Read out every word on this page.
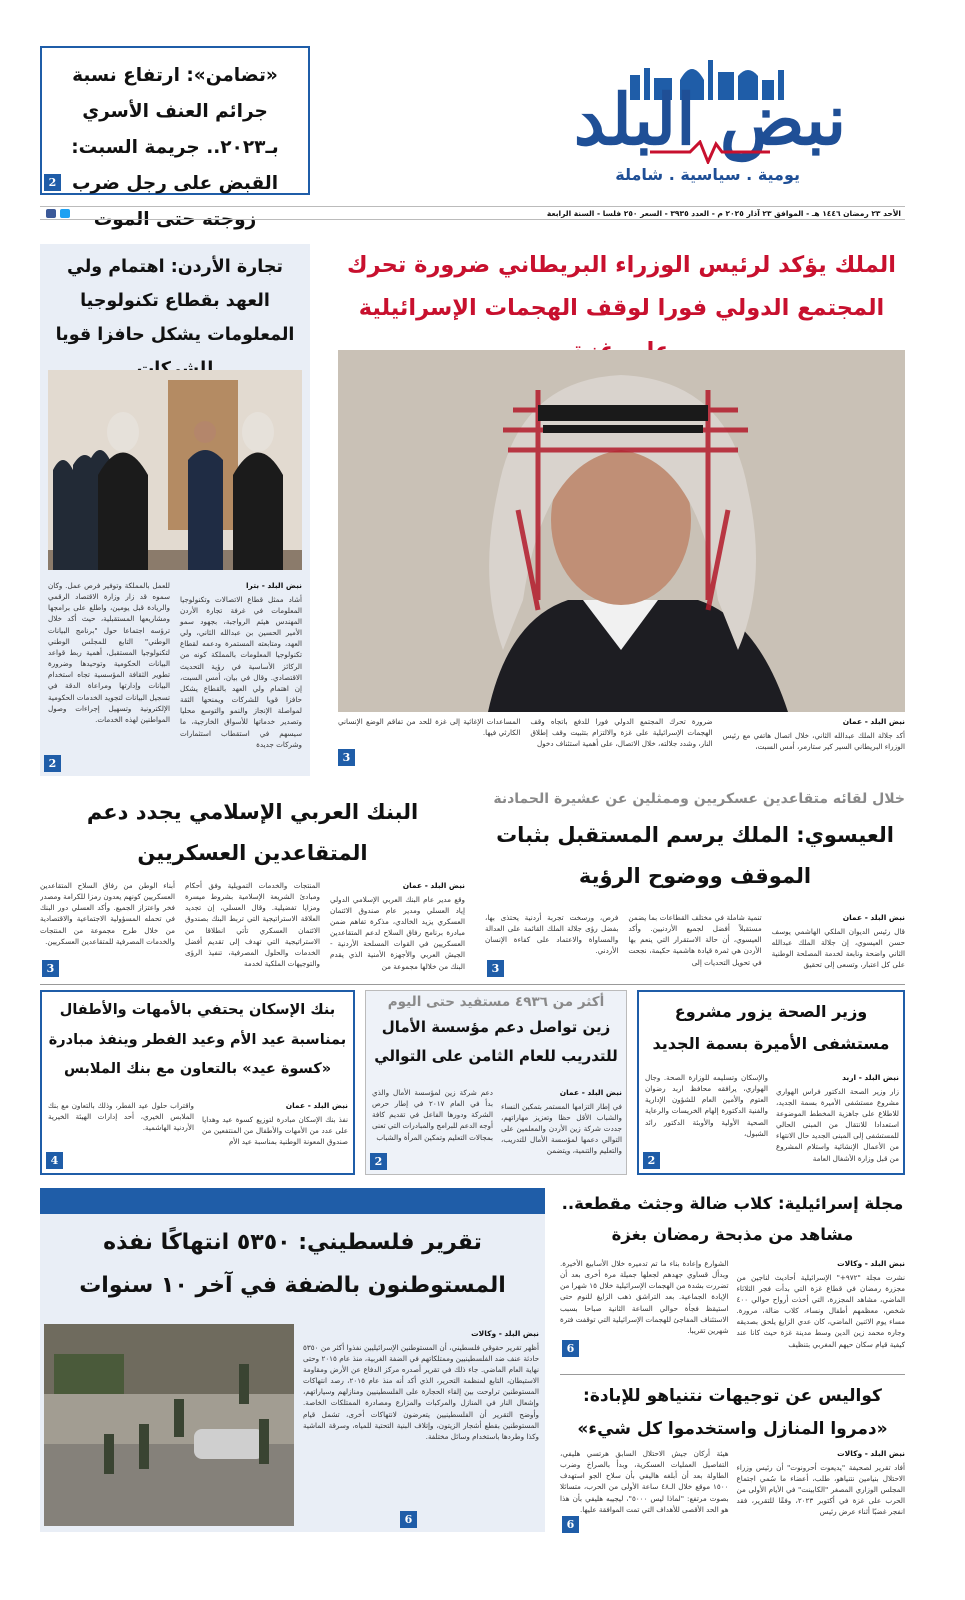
نبض البلد
يومية . سياسية . شاملة

«تضامن»: ارتفاع نسبة جرائم العنف الأسري بـ٢٠٢٣.. جريمة السبت: القبض على رجل ضرب زوجته حتى الموت

2
الأحد ٢٣ رمضان ١٤٤٦ هـ - الموافق ٢٣ آذار ٢٠٢٥ م - العدد ٣٩٣٥ - السعر ٢٥٠ فلسا - السنة الرابعة

الملك يؤكد لرئيس الوزراء البريطاني ضرورة تحرك المجتمع الدولي فورا لوقف الهجمات الإسرائيلية

نبض البلد - عمان
أكد جلالة الملك عبدالله الثاني، خلال اتصال هاتفي مع رئيس الوزراء البريطاني السير كير ستارمر، أمس السبت،
ضرورة تحرك المجتمع الدولي فورا للدفع باتجاه وقف الهجمات الإسرائيلية على غزة والالتزام بتثبيت وقف إطلاق النار، وشدد جلالته، خلال الاتصال، على أهمية استئناف دخول
المساعدات الإغاثية إلى غزة للحد من تفاقم الوضع الإنساني الكارثي فيها.
3

تجارة الأردن: اهتمام ولي العهد بقطاع تكنولوجيا المعلومات يشكل حافزا قويا

نبض البلد - بترا
أشاد ممثل قطاع الاتصالات وتكنولوجيا المعلومات في غرفة تجارة الأردن المهندس هيثم الرواجبة، بجهود سمو الأمير الحسين بن عبدالله الثاني، ولي العهد، ومتابعته المستمرة ودعمه لقطاع تكنولوجيا المعلومات بالمملكة كونه من الركائز الأساسية في رؤية التحديث الاقتصادي. وقال في بيان، أمس السبت، إن اهتمام ولي العهد بالقطاع يشكل حافزا قويا للشركات ويمنحها الثقة لمواصلة الإنجاز والنمو والتوسع محليا وتصدير خدماتها للأسواق الخارجية، ما سيسهم في استقطاب استثمارات وشركات جديدة
للعمل بالمملكة وتوفير فرص عمل. وكان سموه قد زار وزارة الاقتصاد الرقمي والريادة قبل يومين، واطلع على برامجها ومشاريعها المستقبلية، حيث أكد خلال ترؤسه اجتماعا حول "برنامج البيانات الوطني" التابع للمجلس الوطني لتكنولوجيا المستقبل، أهمية ربط قواعد البيانات الحكومية وتوحيدها وضرورة تطوير الثقافة المؤسسية تجاه استخدام البيانات وإدارتها ومراعاة الدقة في تسجيل البيانات لتجويد الخدمات الحكومية الإلكترونية وتسهيل إجراءات وصول المواطنين لهذه الخدمات.
2

خلال لقائه متقاعدين عسكريين وممثلين عن عشيرة الحمادنة

العيسوي: الملك يرسم المستقبل بثبات الموقف ووضوح الرؤية

نبض البلد - عمان
قال رئيس الديوان الملكي الهاشمي يوسف حسن العيسوي، إن جلالة الملك عبدالله الثاني واضحة ونابعة لخدمة المصلحة الوطنية على كل اعتبار، وتسعى إلى تحقيق
تنمية شاملة في مختلف القطاعات بما يضمن مستقبلاً أفضل لجميع الأردنيين. وأكد العيسوي، أن حالة الاستقرار التي ينعم بها الأردن هي ثمرة قيادة هاشمية حكيمة، نجحت في تحويل التحديات إلى
فرص، ورسخت تجربة أردنية يحتذى بها، بفضل رؤى جلالة الملك القائمة على العدالة والمساواة والاعتماد على كفاءة الإنسان الأردني.
3

البنك العربي الإسلامي يجدد دعم المتقاعدين العسكريين

نبض البلد - عمان
وقع مدير عام البنك العربي الإسلامي الدولي إياد العسلي ومدير عام صندوق الائتمان العسكري يزيد الخالدي، مذكرة تفاهم ضمن مبادرة برنامج رفاق السلاح لدعم المتقاعدين العسكريين في القوات المسلحة الأردنية - الجيش العربي والأجهزة الأمنية الذي يقدم البنك من خلالها مجموعة من
المنتجات والخدمات التمويلية وفق أحكام ومبادئ الشريعة الإسلامية بشروط ميسرة ومزايا تفضيلية. وقال العسلي، إن تجديد العلاقة الاستراتيجية التي تربط البنك بصندوق الائتمان العسكري تأتي انطلاقا من الاستراتيجية التي تهدف إلى تقديم أفضل الخدمات والحلول المصرفية، تنفيذ الرؤى والتوجيهات الملكية لخدمة
أبناء الوطن من رفاق السلاح المتقاعدين العسكريين كونهم يعدون رمزا للكرامة ومصدر فخر واعتزاز الجميع. وأكد العسلي دور البنك في تحمله المسؤولية الاجتماعية والاقتصادية من خلال طرح مجموعة من المنتجات والخدمات المصرفية للمتقاعدين العسكريين.
3

وزير الصحة يزور مشروع مستشفى الأميرة بسمة الجديد

نبض البلد - اربد
زار وزير الصحة الدكتور فراس الهواري مشروع مستشفى الأميرة بسمة الجديد، للاطلاع على جاهزية المخطط الموضوعة استعدادا للانتقال من المبنى الحالي للمستشفى إلى المبنى الجديد حال الانتهاء من الأعمال الإنشائية واستلام المشروع من قبل وزارة الأشغال العامة
والإسكان وتسليمه للوزارة الصحة. وجال الهواري، يرافقه محافظ اربد رضوان العتوم والأمين العام للشؤون الإدارية والفنية الدكتورة إلهام الخريسات والرعاية الصحية الأولية والأوبئة الدكتور رائد الشبول،
2

أكثر من ٤٩٣٦ مستفيد حتى اليوم

زين تواصل دعم مؤسسة الأمال للتدريب للعام الثامن على التوالي

نبض البلد - عمان
في إطار التزامها المستمر بتمكين النساء والشباب الأقل حظا وتعزيز مهاراتهم، جددت شركة زين الأردن والمعلمين على التوالي دعمها لمؤسسة الأمال للتدريب، والتعليم والتنمية، ويتضمن
دعم شركة زين لمؤسسة الأمال والذي بدأ في العام ٢٠١٧ في إطار حرص الشركة ودورها الفاعل في تقديم كافة أوجه الدعم للبرامج والمبادرات التي تعنى بمجالات التعليم وتمكين المرأة والشباب
2

بنك الإسكان يحتفي بالأمهات والأطفال بمناسبة عيد الأم وعيد الفطر وينفذ مبادرة «كسوة عيد» بالتعاون مع بنك الملابس

نبض البلد - عمان
نفذ بنك الإسكان مبادرة لتوزيع كسوة عيد وهدايا على عدد من الأمهات والأطفال من المنتفعين من صندوق المعونة الوطنية بمناسبة عيد الأم
واقتراب حلول عيد الفطر، وذلك بالتعاون مع بنك الملابس الخيري، أحد إدارات الهيئة الخيرية الأردنية الهاشمية.
4

تقرير فلسطيني: ٥٣٥٠ انتهاكًا نفذه المستوطنون بالضفة في آخر ١٠ سنوات

نبض البلد - وكالات
أظهر تقرير حقوقي فلسطيني، أن المستوطنين الإسرائيليين نفذوا أكثر من ٥٣٥٠ حادثة عنف ضد الفلسطينيين وممتلكاتهم في الضفة الغربية، منذ عام ٢٠١٥ وحتى نهاية العام الماضي. جاء ذلك في تقرير أصدره مركز الدفاع عن الأرض ومقاومة الاستيطان، التابع لمنظمة التحرير، الذي أكد أنه منذ عام ٢٠١٥، رصد انتهاكات المستوطنين تراوحت بين إلقاء الحجارة على الفلسطينيين ومنازلهم وسياراتهم، وإشعال النار في المنازل والمركبات والمزارع ومصادرة الممتلكات الخاصة. وأوضح التقرير أن الفلسطينيين يتعرضون لانتهاكات أخرى، تشمل قيام المستوطنين بقطع أشجار الزيتون، وإتلاف البنية التحتية للمياه، وسرقة الماشية وكذا وطردها باستخدام وسائل مختلفة.
6

مجلة إسرائيلية: كلاب ضالة وجثث مقطعة.. مشاهد من مذبحة رمضان بغزة

نبض البلد - وكالات
نشرت مجلة "٩٧٢+" الإسرائيلية أحاديث لناجين من مجزرة رمضان في قطاع غزة التي بدأت فجر الثلاثاء الماضي، مشاهد المجزرة، التي أخذت أرواح حوالي ٤٠٠ شخص، معظمهم أطفال ونساء، كلاب ضالة، مرورة. مساء يوم الاثنين الماضي، كان عدي الزايغ يلحق بصديقه وجاره محمد زين الدين وسط مدينة غزة حيث كانا عند كيفية قيام سكان حيهم المغربي بتنظيف
الشوارع وإعادة بناء ما تم تدميره خلال الأسابيع الأخيرة. وبدأل قساوي جهدهم لجعلها جميلة مرة أخرى بعد أن تضررت بشدة من الهجمات الإسرائيلية خلال ١٥ شهرا من الإبادة الجماعية. بعد التراشق ذهب الزايغ للنوم حتى استيقظ فجأة حوالي الساعة الثانية صباحا بسبب الاستئناف المفاجئ للهجمات الإسرائيلية التي توقفت فترة شهرين تقريبا.
6

كواليس عن توجيهات نتنياهو للإبادة: «دمروا المنازل واستخدموا كل شيء»

نبض البلد - وكالات
أفاد تقرير لصحيفة "يديعوت أحرونوت" أن رئيس وزراء الاحتلال بنيامين نتنياهو، طلب، أعضاء ما سُمي اجتماع المجلس الوزاري المصغر "الكابينت" في الأيام الأولى من الحرب على غزة في أكتوبر ٢٠٢٣، وفقًا للتقرير، فقد انفجر غضبًا أثناء عرض رئيس
هيئة أركان جيش الاحتلال السابق هرتسي هليفي، التفاصيل العمليات العسكرية، وبدأ بالصراخ وضرب الطاولة بعد أن أبلغه هاليفي بأن سلاح الجو استهدف ١٥٠٠ موقع خلال الـ٤٨ ساعة الأولى من الحرب، متسائلا بصوت مرتفع: "لماذا ليس ٥٠٠٠"، ليجيبه هليفي بأن هذا هو الحد الأقصى للأهداف التي تمت الموافقة عليها.
6
